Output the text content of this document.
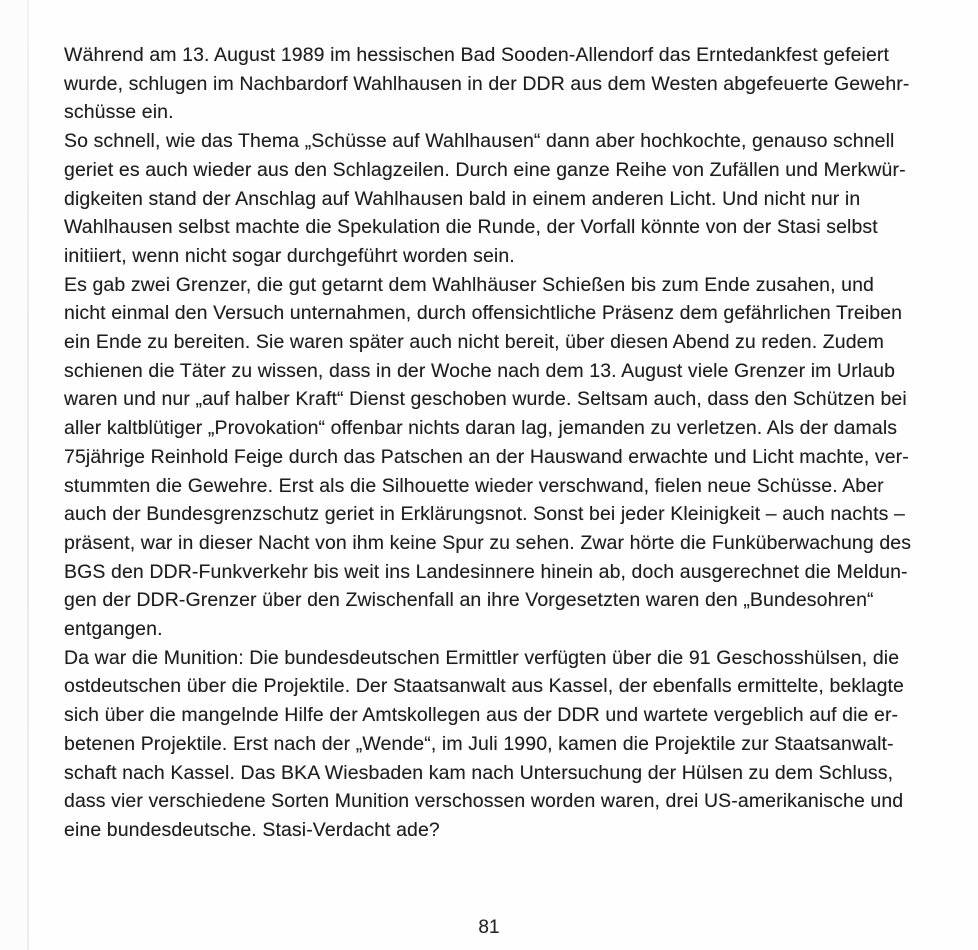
Während am 13. August 1989 im hessischen Bad Sooden-Allendorf das Erntedankfest gefeiert
wurde, schlugen im Nachbardorf Wahlhausen in der DDR aus dem Westen abgefeuerte Gewehr-
schüsse ein.
So schnell, wie das Thema „Schüsse auf Wahlhausen“ dann aber hochkochte, genauso schnell
geriet es auch wieder aus den Schlagzeilen. Durch eine ganze Reihe von Zufällen und Merkwür-
digkeiten stand der Anschlag auf Wahlhausen bald in einem anderen Licht. Und nicht nur in
Wahlhausen selbst machte die Spekulation die Runde, der Vorfall könnte von der Stasi selbst
initiiert, wenn nicht sogar durchgeführt worden sein.
Es gab zwei Grenzer, die gut getarnt dem Wahlhäuser Schießen bis zum Ende zusahen, und
nicht einmal den Versuch unternahmen, durch offensichtliche Präsenz dem gefährlichen Treiben
ein Ende zu bereiten. Sie waren später auch nicht bereit, über diesen Abend zu reden. Zudem
schienen die Täter zu wissen, dass in der Woche nach dem 13. August viele Grenzer im Urlaub
waren und nur „auf halber Kraft“ Dienst geschoben wurde. Seltsam auch, dass den Schützen bei
aller kaltblütiger „Provokation“ offenbar nichts daran lag, jemanden zu verletzen. Als der damals
75jährige Reinhold Feige durch das Patschen an der Hauswand erwachte und Licht machte, ver-
stummten die Gewehre. Erst als die Silhouette wieder verschwand, fielen neue Schüsse. Aber
auch der Bundesgrenzschutz geriet in Erklärungsnot. Sonst bei jeder Kleinigkeit – auch nachts –
präsent, war in dieser Nacht von ihm keine Spur zu sehen. Zwar hörte die Funküberwachung des
BGS den DDR-Funkverkehr bis weit ins Landesinnere hinein ab, doch ausgerechnet die Meldun-
gen der DDR-Grenzer über den Zwischenfall an ihre Vorgesetzten waren den „Bundesohren“
entgangen.
Da war die Munition: Die bundesdeutschen Ermittler verfügten über die 91 Geschosshülsen, die
ostdeutschen über die Projektile. Der Staatsanwalt aus Kassel, der ebenfalls ermittelte, beklagte
sich über die mangelnde Hilfe der Amtskollegen aus der DDR und wartete vergeblich auf die er-
betenen Projektile. Erst nach der „Wende“, im Juli 1990, kamen die Projektile zur Staatsanwalt-
schaft nach Kassel. Das BKA Wiesbaden kam nach Untersuchung der Hülsen zu dem Schluss,
dass vier verschiedene Sorten Munition verschossen worden waren, drei US-amerikanische und
eine bundesdeutsche. Stasi-Verdacht ade?
81
